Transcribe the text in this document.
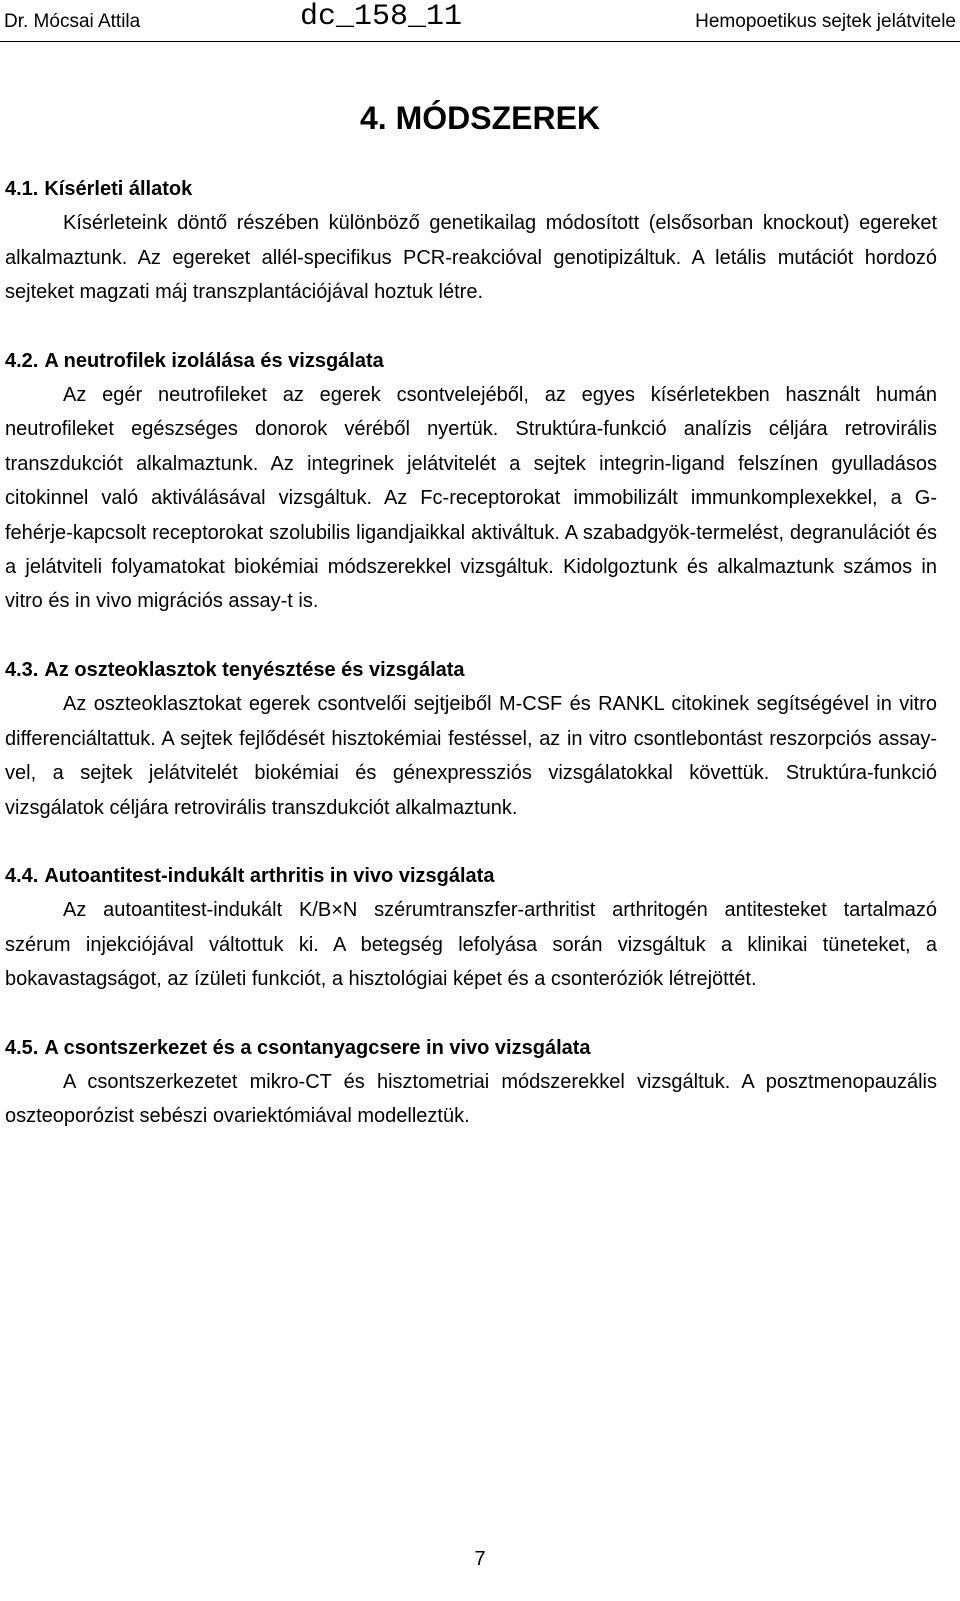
Dr. Mócsai Attila	dc_158_11	Hemopoetikus sejtek jelátvitele
4. MÓDSZEREK

4.1. Kísérleti állatok

Kísérleteink döntő részében különböző genetikailag módosított (elsősorban knockout) egereket alkalmaztunk. Az egereket allél-specifikus PCR-reakcióval genotipizáltuk. A letális mutációt hordozó sejteket magzati máj transzplantációjával hoztuk létre.

4.2. A neutrofilek izolálása és vizsgálata

Az egér neutrofileket az egerek csontvelejéből, az egyes kísérletekben használt humán neutrofileket egészséges donorok véréből nyertük. Struktúra-funkció analízis céljára retrovirális transzdukciót alkalmaztunk. Az integrinek jelátvitelét a sejtek integrin-ligand felszínen gyulladásos citokinnel való aktiválásával vizsgáltuk. Az Fc-receptorokat immobilizált immunkomplexekkel, a G-fehérje-kapcsolt receptorokat szolubilis ligandjaikkal aktiváltuk. A szabadgyök-termelést, degranulációt és a jelátviteli folyamatokat biokémiai módszerekkel vizsgáltuk. Kidolgoztunk és alkalmaztunk számos in vitro és in vivo migrációs assay-t is.

4.3. Az oszteoklasztok tenyésztése és vizsgálata

Az oszteoklasztokat egerek csontvelői sejtjeiből M-CSF és RANKL citokinek segítségével in vitro differenciáltattuk. A sejtek fejlődését hisztokémiai festéssel, az in vitro csontlebontást reszorpciós assay-vel, a sejtek jelátvitelét biokémiai és génexpressziós vizsgálatokkal követtük. Struktúra-funkció vizsgálatok céljára retrovirális transzdukciót alkalmaztunk.

4.4. Autoantitest-indukált arthritis in vivo vizsgálata

Az autoantitest-indukált K/B×N szérumtranszfer-arthritist arthritogén antitesteket tartalmazó szérum injekciójával váltottuk ki. A betegség lefolyása során vizsgáltuk a klinikai tüneteket, a bokavastagságot, az ízületi funkciót, a hisztológiai képet és a csonteróziók létrejöttét.

4.5. A csontszerkezet és a csontanyagcsere in vivo vizsgálata

A csontszerkezetet mikro-CT és hisztometriai módszerekkel vizsgáltuk. A posztmenopauzális oszteoporózist sebészi ovariektómiával modelleztük.

7
